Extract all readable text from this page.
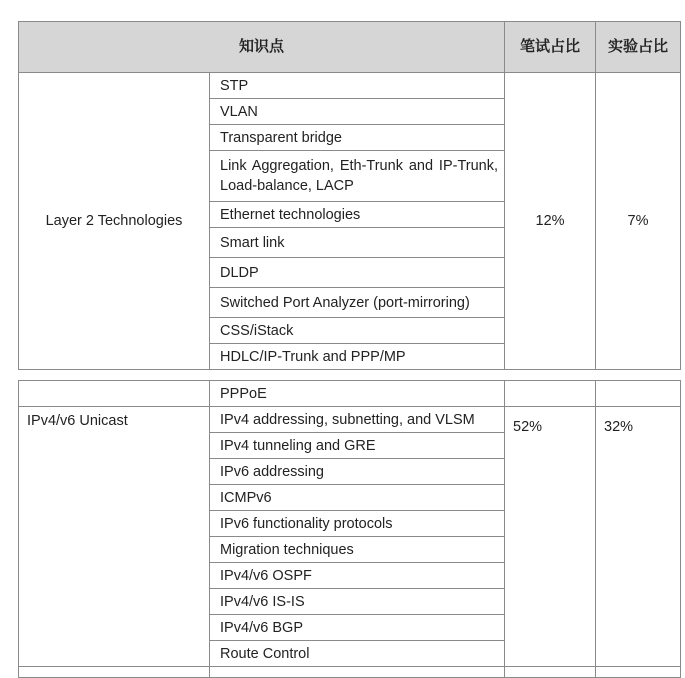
知识点		笔试占比	实验占比
Layer 2 Technologies	STP	12%	7%
	VLAN		
	Transparent bridge		
	Link Aggregation, Eth-Trunk and IP-Trunk, Load-balance, LACP		
	Ethernet technologies		
	Smart link		
	DLDP		
	Switched Port Analyzer (port-mirroring)		
	CSS/iStack		
	HDLC/IP-Trunk and PPP/MP		
	PPPoE		
IPv4/v6 Unicast	IPv4 addressing, subnetting, and VLSM	52%	32%
	IPv4 tunneling and GRE		
	IPv6 addressing		
	ICMPv6		
	IPv6 functionality protocols		
	Migration techniques		
	IPv4/v6 OSPF		
	IPv4/v6 IS-IS		
	IPv4/v6 BGP		
	Route Control		
